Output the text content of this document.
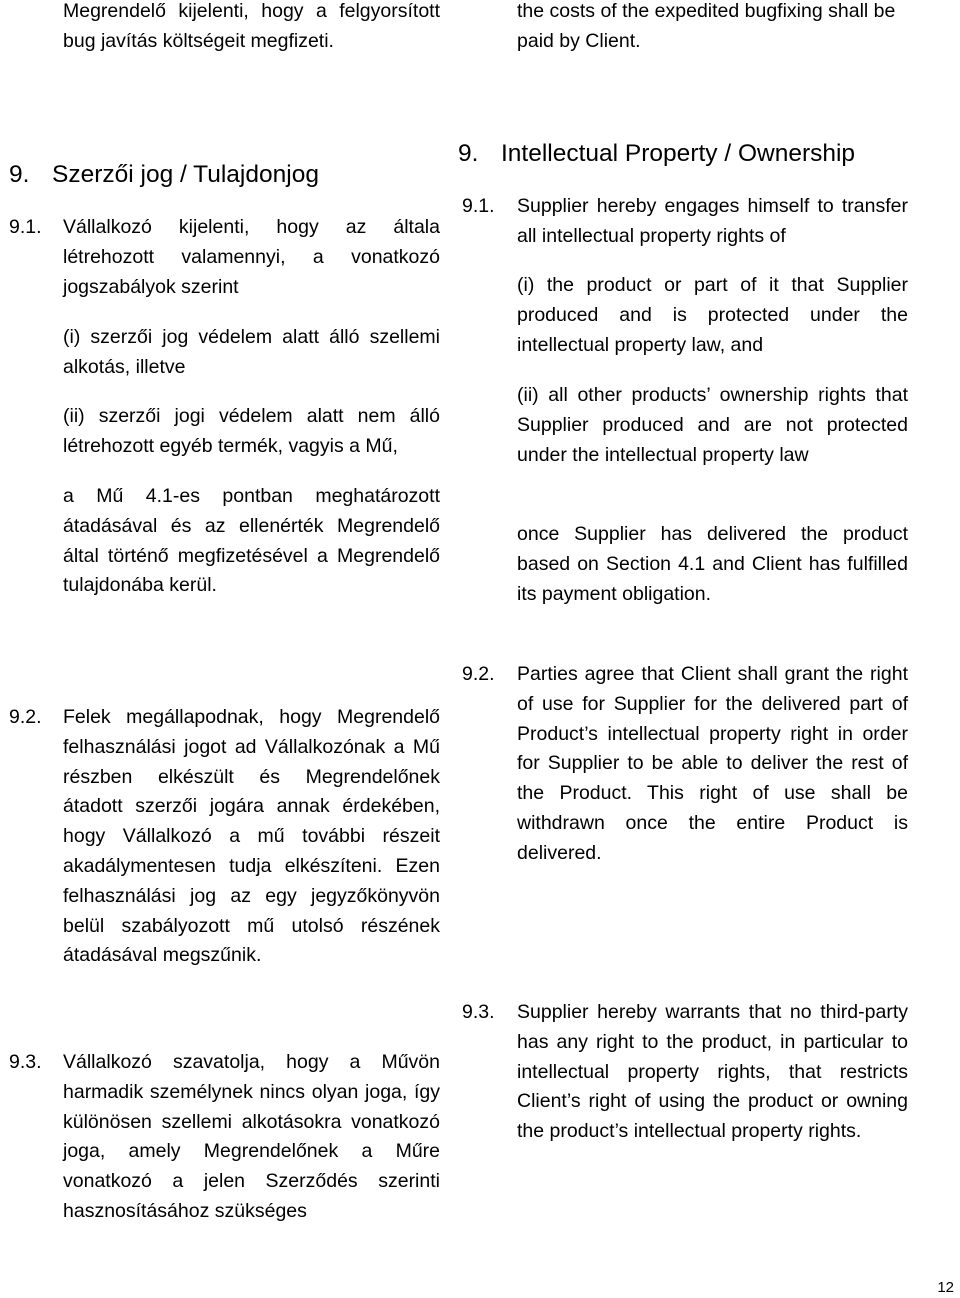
Megrendelő kijelenti, hogy a felgyorsított bug javítás költségeit megfizeti.
9. Szerzői jog / Tulajdonjog
9.1. Vállalkozó kijelenti, hogy az általa létrehozott valamennyi, a vonatkozó jogszabályok szerint
(i) szerzői jog védelem alatt álló szellemi alkotás, illetve
(ii) szerzői jogi védelem alatt nem álló létrehozott egyéb termék, vagyis a Mű,
a Mű 4.1-es pontban meghatározott átadásával és az ellenérték Megrendelő által történő megfizetésével a Megrendelő tulajdonába kerül.
9.2. Felek megállapodnak, hogy Megrendelő felhasználási jogot ad Vállalkozónak a Mű részben elkészült és Megrendelőnek átadott szerzői jogára annak érdekében, hogy Vállalkozó a mű további részeit akadálymentesen tudja elkészíteni. Ezen felhasználási jog az egy jegyzőkönyvön belül szabályozott mű utolsó részének átadásával megszűnik.
9.3. Vállalkozó szavatolja, hogy a Művön harmadik személynek nincs olyan joga, így különösen szellemi alkotásokra vonatkozó joga, amely Megrendelőnek a Műre vonatkozó a jelen Szerződés szerinti hasznosításához szükséges
the costs of the expedited bugfixing shall be paid by Client.
9. Intellectual Property / Ownership
9.1. Supplier hereby engages himself to transfer all intellectual property rights of
(i) the product or part of it that Supplier produced and is protected under the intellectual property law, and
(ii) all other products’ ownership rights that Supplier produced and are not protected under the intellectual property law
once Supplier has delivered the product based on Section 4.1 and Client has fulfilled its payment obligation.
9.2. Parties agree that Client shall grant the right of use for Supplier for the delivered part of Product’s intellectual property right in order for Supplier to be able to deliver the rest of the Product. This right of use shall be withdrawn once the entire Product is delivered.
9.3. Supplier hereby warrants that no third-party has any right to the product, in particular to intellectual property rights, that restricts Client’s right of using the product or owning the product’s intellectual property rights.
12
